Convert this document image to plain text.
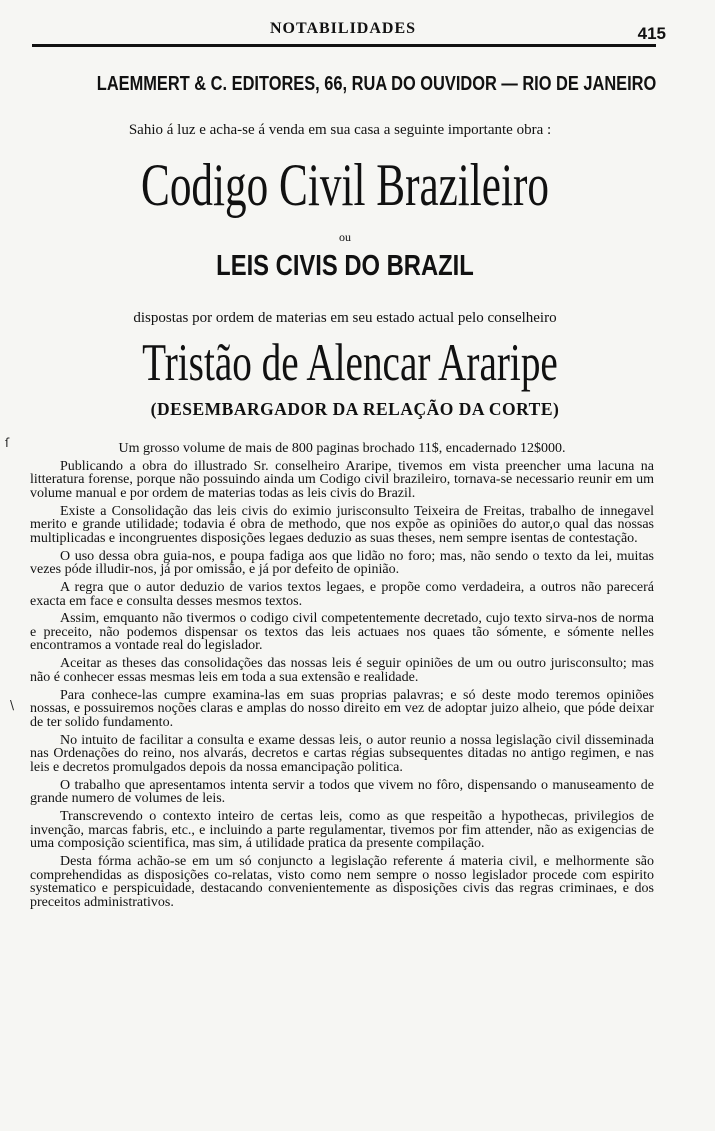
NOTABILIDADES	415
LAEMMERT & C. EDITORES, 66, RUA DO OUVIDOR — RIO DE JANEIRO
Sahio á luz e acha-se á venda em sua casa a seguinte importante obra :
Codigo Civil Brazileiro
ou
LEIS CIVIS DO BRAZIL
dispostas por ordem de materias em seu estado actual pelo conselheiro
Tristão de Alencar Araripe
(DESEMBARGADOR DA RELAÇÃO DA CORTE)

Um grosso volume de mais de 800 paginas brochado 11$, encadernado 12$000.

Publicando a obra do illustrado Sr. conselheiro Araripe, tivemos em vista preencher uma lacuna na litteratura forense, porque não possuindo ainda um Codigo civil brazileiro, tornava-se necessario reunir em um volume manual e por ordem de materias todas as leis civis do Brazil.

Existe a Consolidação das leis civis do eximio jurisconsulto Teixeira de Freitas, trabalho de innegavel merito e grande utilidade; todavia é obra de methodo, que nos expõe as opiniões do autor,o qual das nossas multiplicadas e incongruentes disposições legaes deduzio as suas theses, nem sempre isentas de contestação.

O uso dessa obra guia-nos, e poupa fadiga aos que lidão no foro; mas, não sendo o texto da lei, muitas vezes póde illudir-nos, já por omissão, e já por defeito de opinião.

A regra que o autor deduzio de varios textos legaes, e propõe como verdadeira, a outros não parecerá exacta em face e consulta desses mesmos textos.

Assim, emquanto não tivermos o codigo civil competentemente decretado, cujo texto sirva-nos de norma e preceito, não podemos dispensar os textos das leis actuaes nos quaes tão sómente, e sómente nelles encontramos a vontade real do legislador.

Aceitar as theses das consolidações das nossas leis é seguir opiniões de um ou outro jurisconsulto; mas não é conhecer essas mesmas leis em toda a sua extensão e realidade.

Para conhece-las cumpre examina-las em suas proprias palavras; e só deste modo teremos opiniões nossas, e possuiremos noções claras e amplas do nosso direito em vez de adoptar juizo alheio, que póde deixar de ter solido fundamento.

No intuito de facilitar a consulta e exame dessas leis, o autor reunio a nossa legislação civil disseminada nas Ordenações do reino, nos alvarás, decretos e cartas régias subsequentes ditadas no antigo regimen, e nas leis e decretos promulgados depois da nossa emancipação politica.

O trabalho que apresentamos intenta servir a todos que vivem no fôro, dispensando o manuseamento de grande numero de volumes de leis.

Transcrevendo o contexto inteiro de certas leis, como as que respeitão a hypothecas, privilegios de invenção, marcas fabris, etc., e incluindo a parte regulamentar, tivemos por fim attender, não as exigencias de uma composição scientifica, mas sim, á utilidade pratica da presente compilação.

Desta fórma achão-se em um só conjuncto a legislação referente á materia civil, e melhormente são comprehendidas as disposições co-relatas, visto como nem sempre o nosso legislador procede com espirito systematico e perspicuidade, destacando convenientemente as disposições civis das regras criminaes, e dos preceitos administrativos.

ſ
\
